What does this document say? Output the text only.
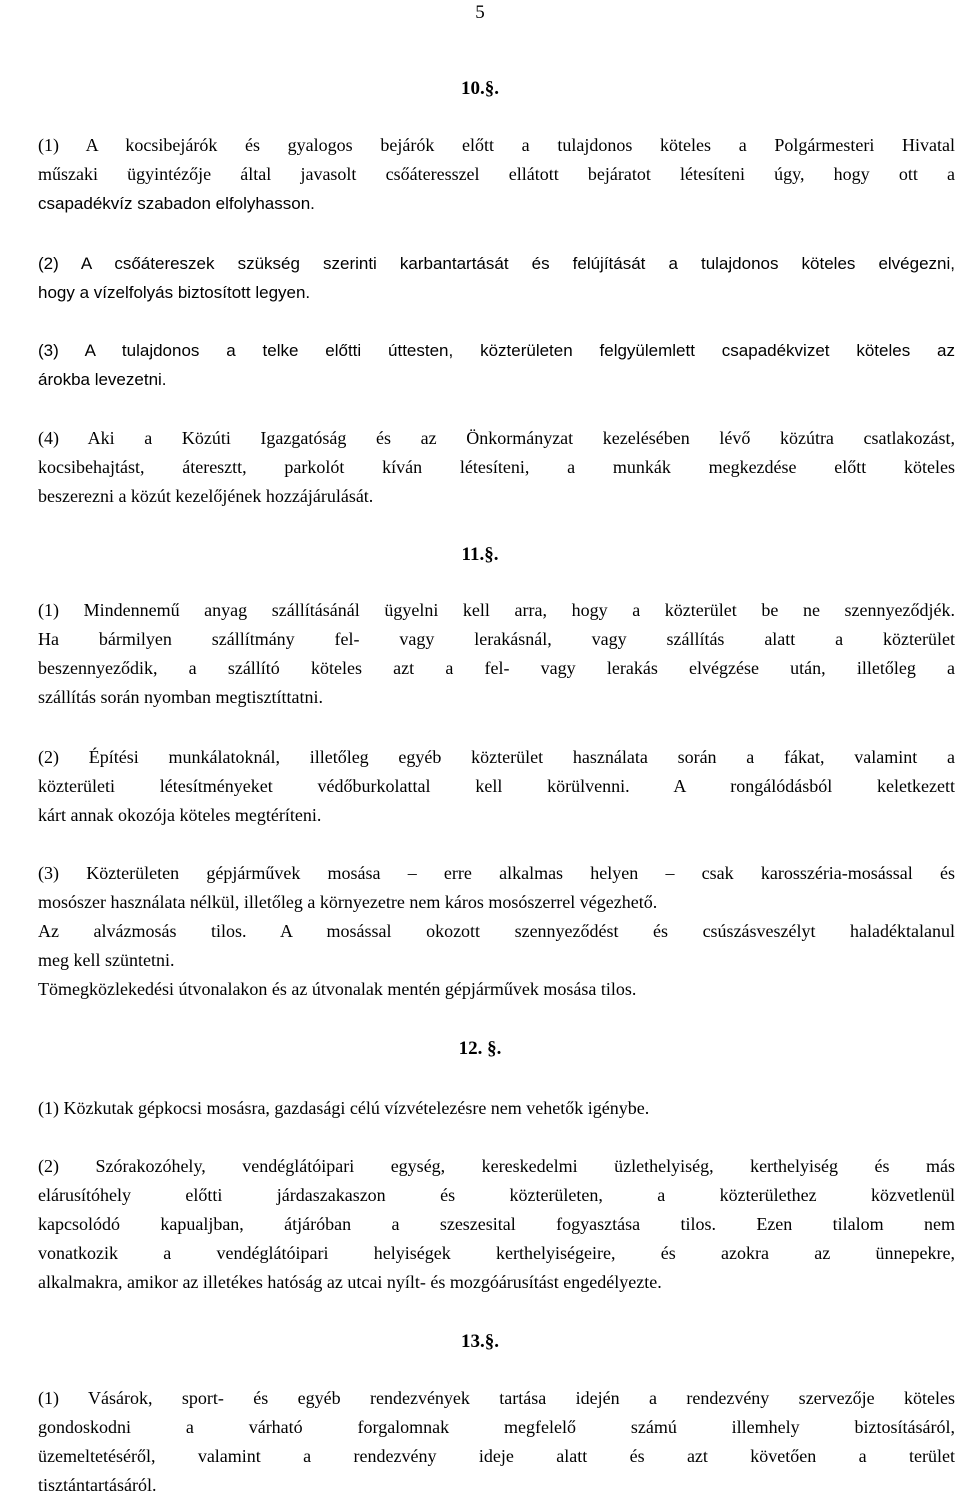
5
10.§.
(1) A kocsibejárók és gyalogos bejárók előtt a tulajdonos köteles a Polgármesteri Hivatal
műszaki ügyintézője által javasolt csőáteresszel ellátott bejáratot létesíteni úgy, hogy ott a
csapadékvíz szabadon elfolyhasson.
(2) A csőátereszek szükség szerinti karbantartását és felújítását a tulajdonos köteles elvégezni,
hogy a vízelfolyás biztosított legyen.
(3) A tulajdonos a telke előtti úttesten, közterületen felgyülemlett csapadékvizet köteles az
árokba levezetni.
(4) Aki a Közúti Igazgatóság és az Önkormányzat kezelésében lévő közútra csatlakozást,
kocsibehajtást, áteresztt, parkolót kíván létesíteni, a munkák megkezdése előtt köteles
beszerezni a közút kezelőjének hozzájárulását.
11.§.
(1) Mindennemű anyag szállításánál ügyelni kell arra, hogy a közterület be ne szennyeződjék.
Ha bármilyen szállítmány fel- vagy lerakásnál, vagy szállítás alatt a közterület
beszennyeződik, a szállító köteles azt a fel- vagy lerakás elvégzése után, illetőleg a
szállítás során nyomban megtisztíttatni.
(2) Építési munkálatoknál, illetőleg egyéb közterület használata során a fákat, valamint a
közterületi létesítményeket védőburkolattal kell körülvenni. A rongálódásból keletkezett
kárt annak okozója köteles megtéríteni.
(3) Közterületen gépjárművek mosása – erre alkalmas helyen – csak karosszéria-mosással és
mosószer használata nélkül, illetőleg a környezetre nem káros mosószerrel végezhető.
Az alvázmosás tilos. A mosással okozott szennyeződést és csúszásveszélyt haladéktalanul
meg kell szüntetni.
Tömegközlekedési útvonalakon és az útvonalak mentén gépjárművek mosása tilos.
12. §.
(1) Közkutak gépkocsi mosásra, gazdasági célú vízvételezésre nem vehetők igénybe.
(2) Szórakozóhely, vendéglátóipari egység, kereskedelmi üzlethelyiség, kerthelyiség és más
elárusítóhely előtti járdaszakaszon és közterületen, a közterülethez közvetlenül
kapcsolódó kapualjban, átjáróban a szeszesital fogyasztása tilos. Ezen tilalom nem
vonatkozik a vendéglátóipari helyiségek kerthelyiségeire, és azokra az ünnepekre,
alkalmakra, amikor az illetékes hatóság az utcai nyílt- és mozgóárusítást engedélyezte.
13.§.
(1) Vásárok, sport- és egyéb rendezvények tartása idején a rendezvény szervezője köteles
gondoskodni a várható forgalomnak megfelelő számú illemhely biztosításáról,
üzemeltetéséről, valamint a rendezvény ideje alatt és azt követően a terület
tisztántartásáról.
